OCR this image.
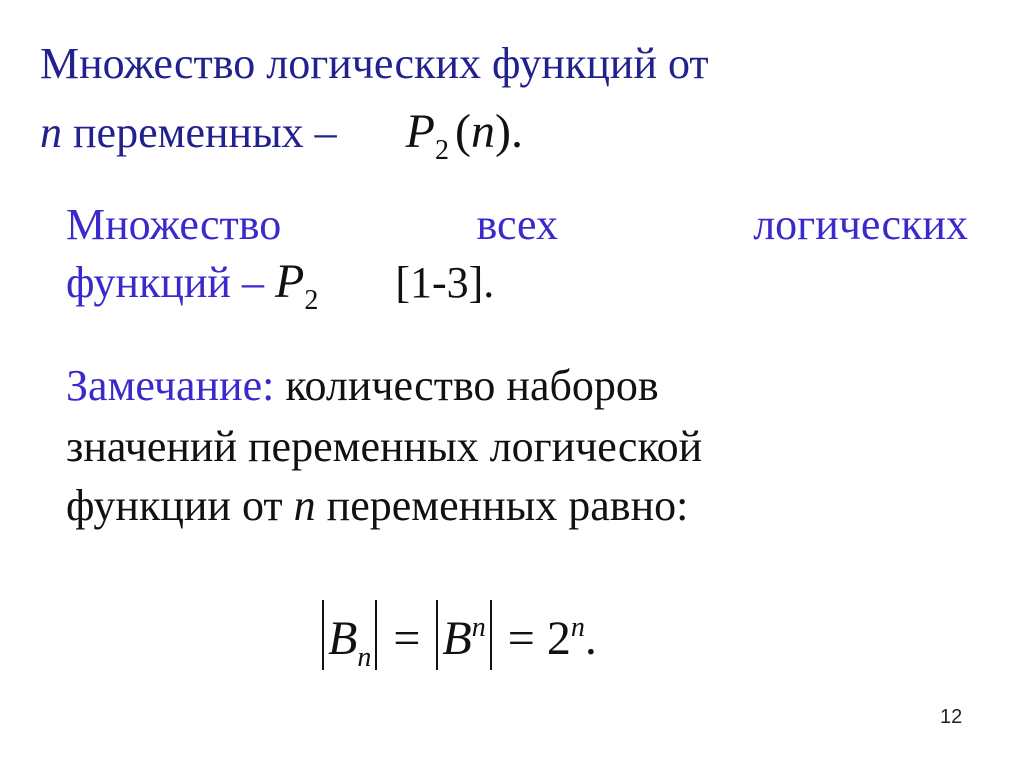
Множество логических функций от
n переменных – $P_2$ (n).
Множество	всех	логических
функций – $P_2$ [1-3].
Замечание: количество наборов
значений переменных логической
функции от n переменных равно:
$B_n = B^n = 2^n$.
12
